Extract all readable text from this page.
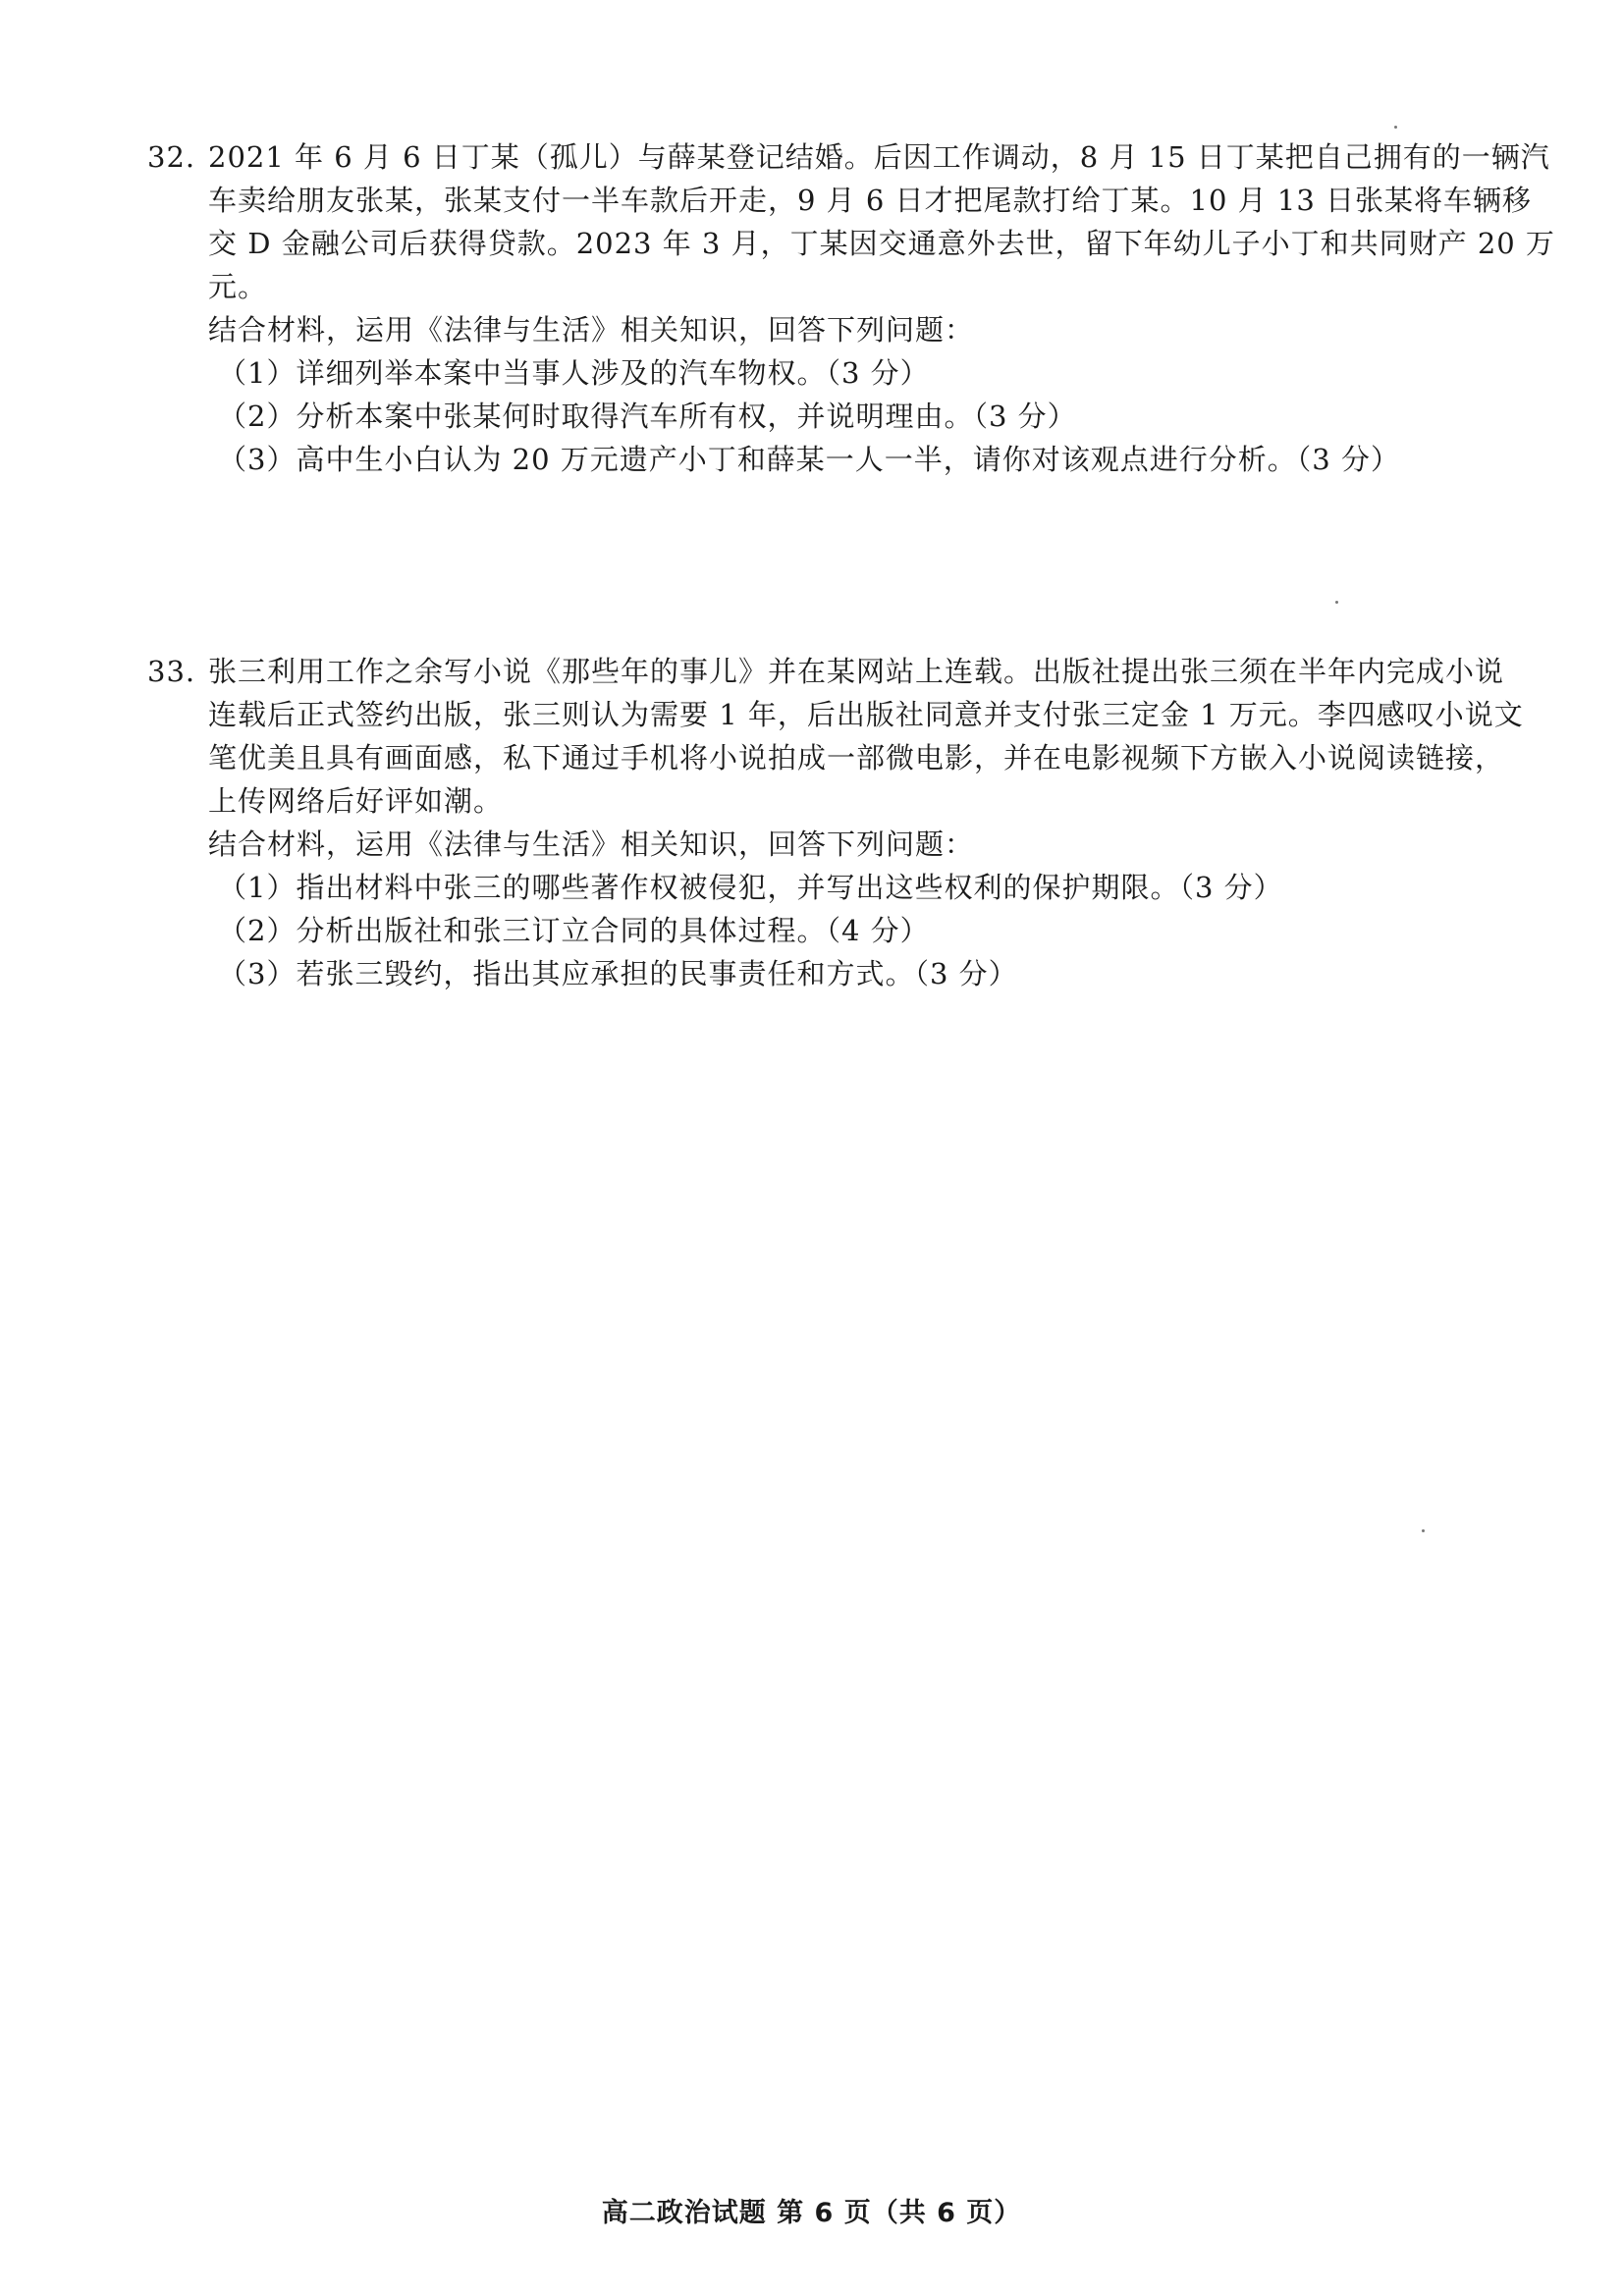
32. 2021 年 6 月 6 日丁某（孤儿）与薛某登记结婚。后因工作调动，8 月 15 日丁某把自己拥有的一辆汽
车卖给朋友张某，张某支付一半车款后开走，9 月 6 日才把尾款打给丁某。10 月 13 日张某将车辆移
交 D 金融公司后获得贷款。2023 年 3 月，丁某因交通意外去世，留下年幼儿子小丁和共同财产 20 万
元。
结合材料，运用《法律与生活》相关知识，回答下列问题：
（1）详细列举本案中当事人涉及的汽车物权。（3 分）
（2）分析本案中张某何时取得汽车所有权，并说明理由。（3 分）
（3）高中生小白认为 20 万元遗产小丁和薛某一人一半，请你对该观点进行分析。（3 分）
33. 张三利用工作之余写小说《那些年的事儿》并在某网站上连载。出版社提出张三须在半年内完成小说
连载后正式签约出版，张三则认为需要 1 年，后出版社同意并支付张三定金 1 万元。李四感叹小说文
笔优美且具有画面感，私下通过手机将小说拍成一部微电影，并在电影视频下方嵌入小说阅读链接，
上传网络后好评如潮。
结合材料，运用《法律与生活》相关知识，回答下列问题：
（1）指出材料中张三的哪些著作权被侵犯，并写出这些权利的保护期限。（3 分）
（2）分析出版社和张三订立合同的具体过程。（4 分）
（3）若张三毁约，指出其应承担的民事责任和方式。（3 分）
高二政治试题 第 6 页（共 6 页）
